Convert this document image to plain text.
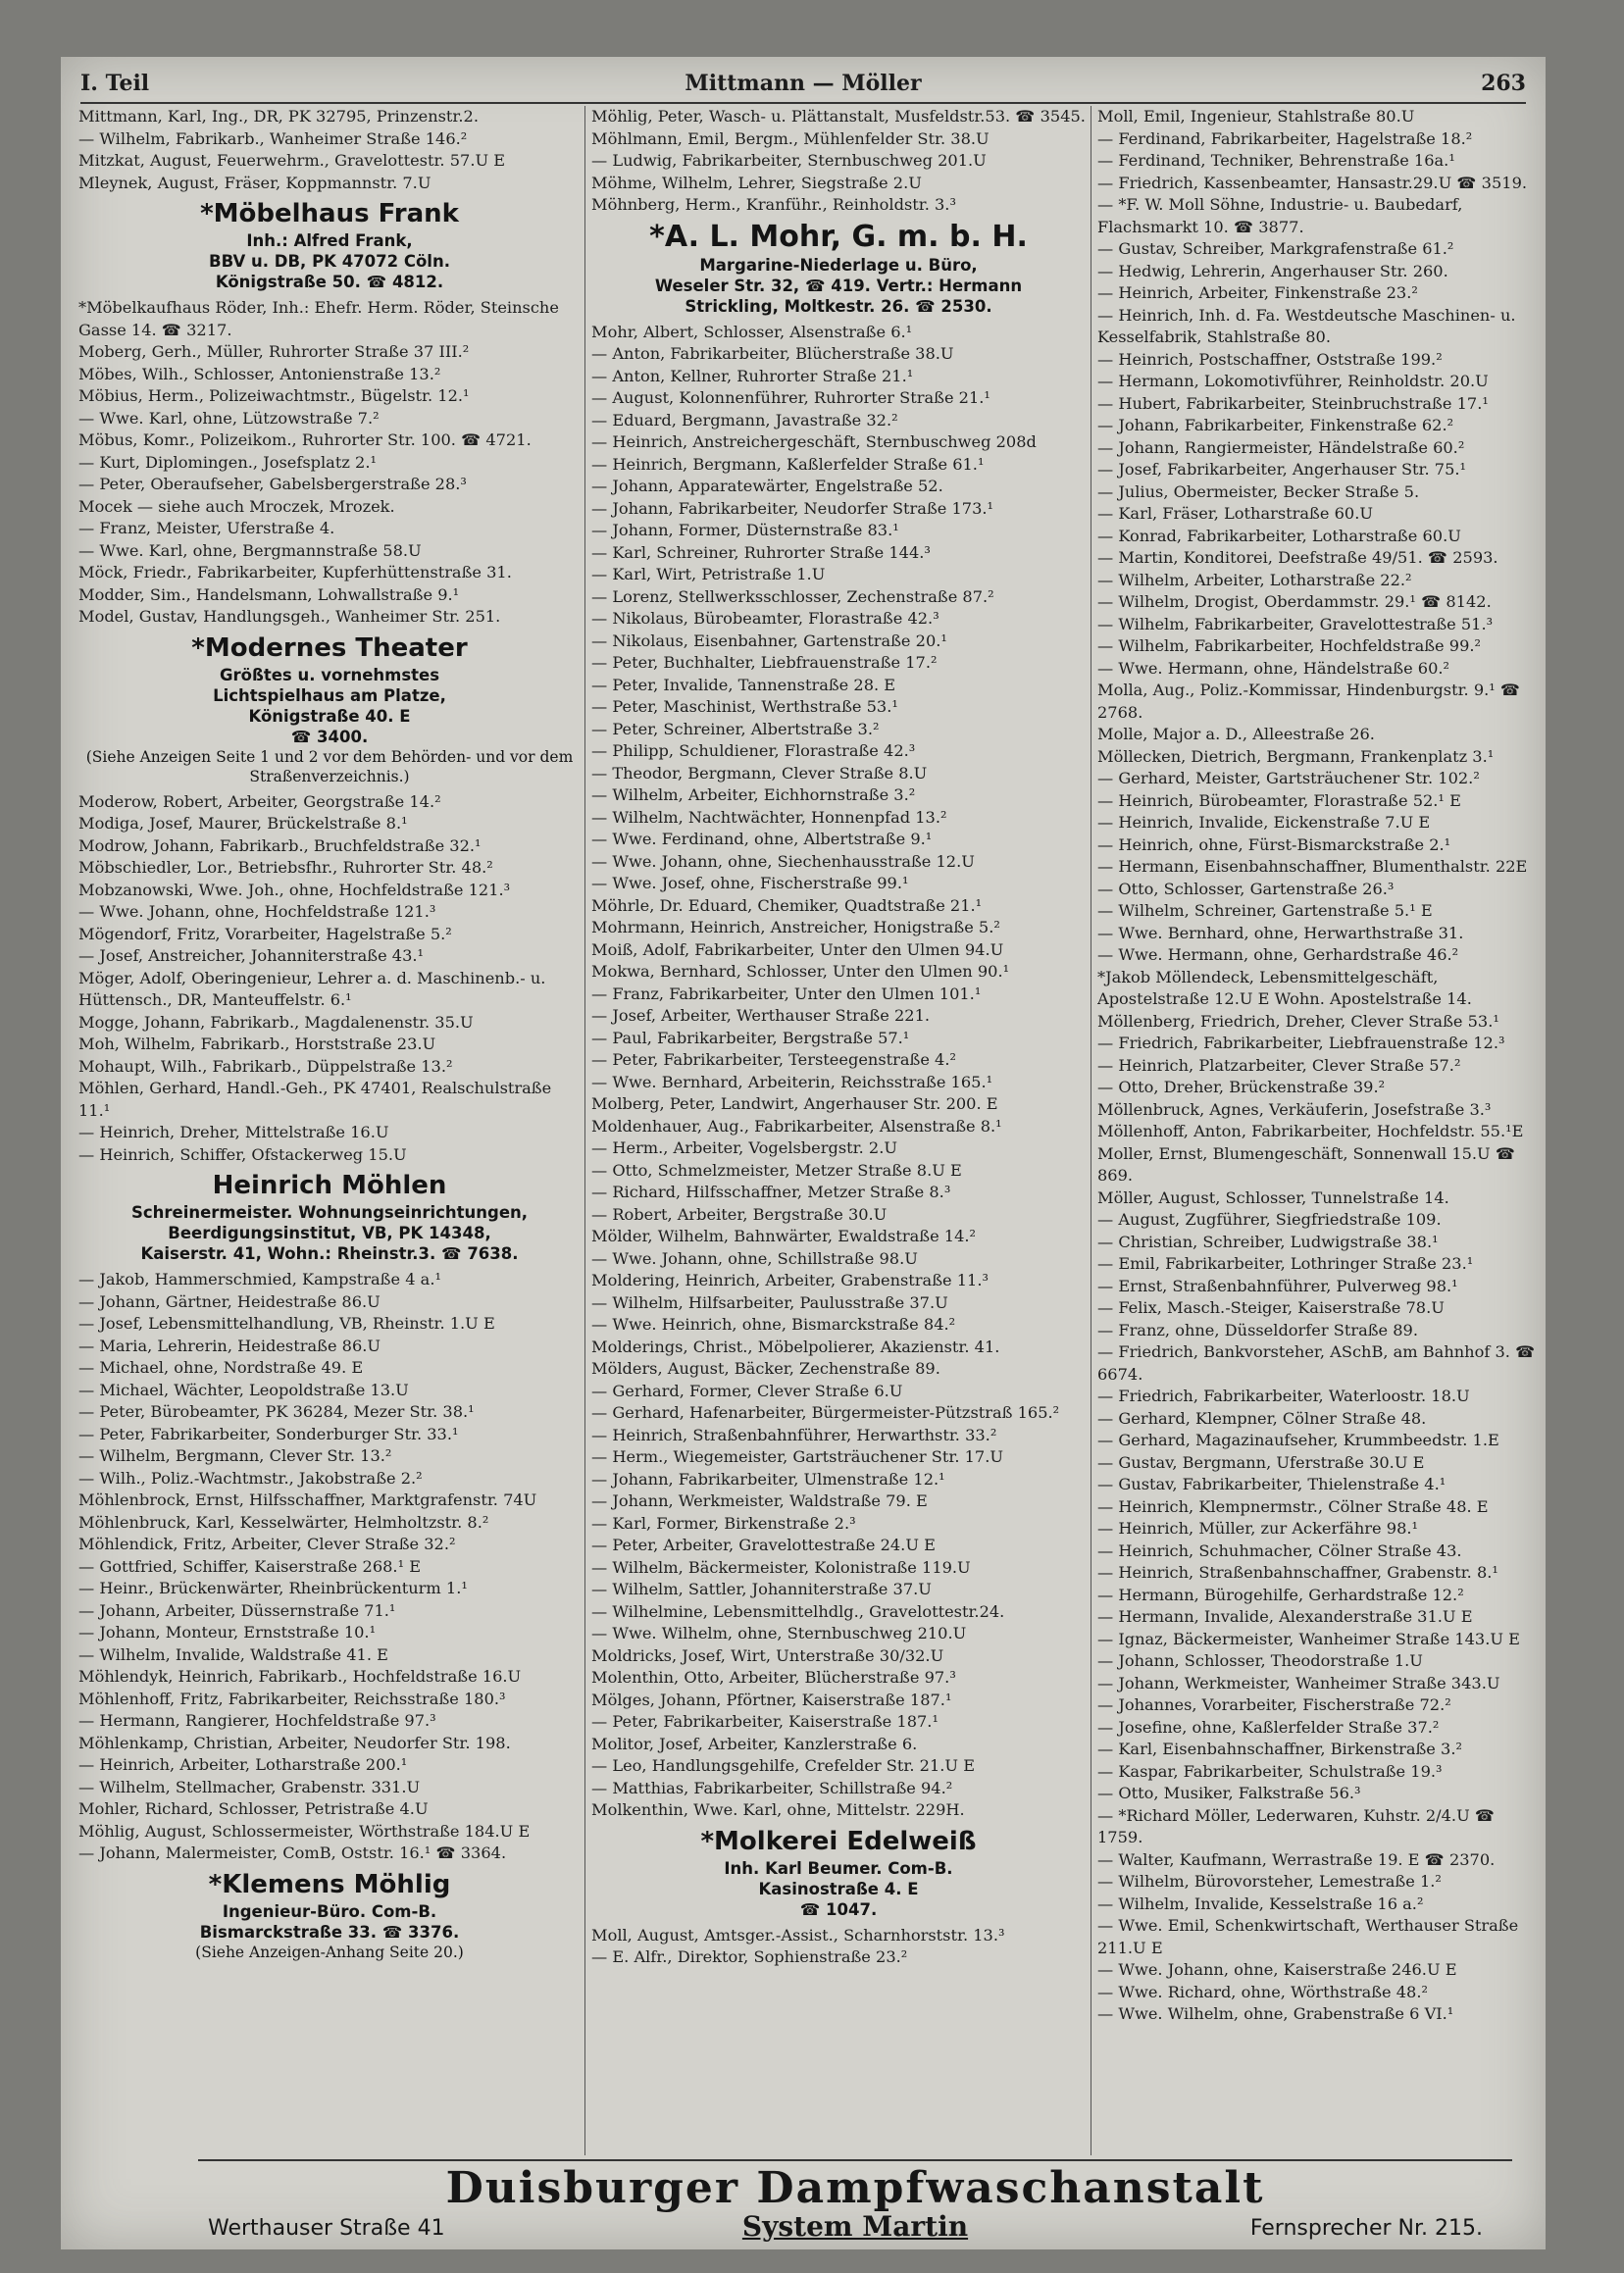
I. Teil	Mittmann — Möller	263
Mittmann, Karl, Ing., DR, PK 32795, Prinzenstr.2.
— Wilhelm, Fabrikarb., Wanheimer Straße 146.²
Mitzkat, August, Feuerwehrm., Gravelottestr. 57.U E
Mleynek, August, Fräser, Koppmannstr. 7.U
*Möbelhaus Frank
Inh.: Alfred Frank,
BBV u. DB, PK 47072 Cöln.
Königstraße 50. ☎ 4812.
*Möbelkaufhaus Röder, Inh.: Ehefr. Herm. Röder, Steinsche Gasse 14. ☎ 3217.
Moberg, Gerh., Müller, Ruhrorter Straße 37 III.²
Möbes, Wilh., Schlosser, Antonienstraße 13.²
Möbius, Herm., Polizeiwachtmstr., Bügelstr. 12.¹
— Wwe. Karl, ohne, Lützowstraße 7.²
Möbus, Komr., Polizeikom., Ruhrorter Str. 100. ☎ 4721.
— Kurt, Diplomingen., Josefsplatz 2.¹
— Peter, Oberaufseher, Gabelsbergerstraße 28.³
Mocek — siehe auch Mroczek, Mrozek.
— Franz, Meister, Uferstraße 4.
— Wwe. Karl, ohne, Bergmannstraße 58.U
Möck, Friedr., Fabrikarbeiter, Kupferhüttenstraße 31.
Modder, Sim., Handelsmann, Lohwallstraße 9.¹
Model, Gustav, Handlungsgeh., Wanheimer Str. 251.
*Modernes Theater
Größtes u. vornehmstes
Lichtspielhaus am Platze,
Königstraße 40. E
☎ 3400.
(Siehe Anzeigen Seite 1 und 2 vor dem Behörden- und vor dem Straßenverzeichnis.)
Moderow, Robert, Arbeiter, Georgstraße 14.²
Modiga, Josef, Maurer, Brückelstraße 8.¹
Modrow, Johann, Fabrikarb., Bruchfeldstraße 32.¹
Möbschiedler, Lor., Betriebsfhr., Ruhrorter Str. 48.²
Mobzanowski, Wwe. Joh., ohne, Hochfeldstraße 121.³
— Wwe. Johann, ohne, Hochfeldstraße 121.³
Mögendorf, Fritz, Vorarbeiter, Hagelstraße 5.²
— Josef, Anstreicher, Johanniterstraße 43.¹
Möger, Adolf, Oberingenieur, Lehrer a. d. Maschinenb.- u. Hüttensch., DR, Manteuffelstr. 6.¹
Mogge, Johann, Fabrikarb., Magdalenenstr. 35.U
Moh, Wilhelm, Fabrikarb., Horststraße 23.U
Mohaupt, Wilh., Fabrikarb., Düppelstraße 13.²
Möhlen, Gerhard, Handl.-Geh., PK 47401, Realschulstraße 11.¹
— Heinrich, Dreher, Mittelstraße 16.U
— Heinrich, Schiffer, Ofstackerweg 15.U
Heinrich Möhlen
Schreinermeister. Wohnungseinrichtungen,
Beerdigungsinstitut, VB, PK 14348,
Kaiserstr. 41, Wohn.: Rheinstr.3. ☎ 7638.
— Jakob, Hammerschmied, Kampstraße 4 a.¹
— Johann, Gärtner, Heidestraße 86.U
— Josef, Lebensmittelhandlung, VB, Rheinstr. 1.U E
— Maria, Lehrerin, Heidestraße 86.U
— Michael, ohne, Nordstraße 49. E
— Michael, Wächter, Leopoldstraße 13.U
— Peter, Bürobeamter, PK 36284, Mezer Str. 38.¹
— Peter, Fabrikarbeiter, Sonderburger Str. 33.¹
— Wilhelm, Bergmann, Clever Str. 13.²
— Wilh., Poliz.-Wachtmstr., Jakobstraße 2.²
Möhlenbrock, Ernst, Hilfsschaffner, Marktgrafenstr. 74U
Möhlenbruck, Karl, Kesselwärter, Helmholtzstr. 8.²
Möhlendick, Fritz, Arbeiter, Clever Straße 32.²
— Gottfried, Schiffer, Kaiserstraße 268.¹ E
— Heinr., Brückenwärter, Rheinbrückenturm 1.¹
— Johann, Arbeiter, Düssernstraße 71.¹
— Johann, Monteur, Ernststraße 10.¹
— Wilhelm, Invalide, Waldstraße 41. E
Möhlendyk, Heinrich, Fabrikarb., Hochfeldstraße 16.U
Möhlenhoff, Fritz, Fabrikarbeiter, Reichsstraße 180.³
— Hermann, Rangierer, Hochfeldstraße 97.³
Möhlenkamp, Christian, Arbeiter, Neudorfer Str. 198.
— Heinrich, Arbeiter, Lotharstraße 200.¹
— Wilhelm, Stellmacher, Grabenstr. 331.U
Mohler, Richard, Schlosser, Petristraße 4.U
Möhlig, August, Schlossermeister, Wörthstraße 184.U E
— Johann, Malermeister, ComB, Oststr. 16.¹ ☎ 3364.
*Klemens Möhlig
Ingenieur-Büro. Com-B.
Bismarckstraße 33. ☎ 3376.
(Siehe Anzeigen-Anhang Seite 20.)
Möhlig, Peter, Wasch- u. Plättanstalt, Musfeldstr.53. ☎ 3545.
Möhlmann, Emil, Bergm., Mühlenfelder Str. 38.U
— Ludwig, Fabrikarbeiter, Sternbuschweg 201.U
Möhme, Wilhelm, Lehrer, Siegstraße 2.U
Möhnberg, Herm., Kranführ., Reinholdstr. 3.³
*A. L. Mohr, G. m. b. H.
Margarine-Niederlage u. Büro,
Weseler Str. 32, ☎ 419. Vertr.: Hermann
Strickling, Moltkestr. 26. ☎ 2530.
Mohr, Albert, Schlosser, Alsenstraße 6.¹
— Anton, Fabrikarbeiter, Blücherstraße 38.U
— Anton, Kellner, Ruhrorter Straße 21.¹
— August, Kolonnenführer, Ruhrorter Straße 21.¹
— Eduard, Bergmann, Javastraße 32.²
— Heinrich, Anstreichergeschäft, Sternbuschweg 208d
— Heinrich, Bergmann, Kaßlerfelder Straße 61.¹
— Johann, Apparatewärter, Engelstraße 52.
— Johann, Fabrikarbeiter, Neudorfer Straße 173.¹
— Johann, Former, Düsternstraße 83.¹
— Karl, Schreiner, Ruhrorter Straße 144.³
— Karl, Wirt, Petristraße 1.U
— Lorenz, Stellwerksschlosser, Zechenstraße 87.²
— Nikolaus, Bürobeamter, Florastraße 42.³
— Nikolaus, Eisenbahner, Gartenstraße 20.¹
— Peter, Buchhalter, Liebfrauenstraße 17.²
— Peter, Invalide, Tannenstraße 28. E
— Peter, Maschinist, Werthstraße 53.¹
— Peter, Schreiner, Albertstraße 3.²
— Philipp, Schuldiener, Florastraße 42.³
— Theodor, Bergmann, Clever Straße 8.U
— Wilhelm, Arbeiter, Eichhornstraße 3.²
— Wilhelm, Nachtwächter, Honnenpfad 13.²
— Wwe. Ferdinand, ohne, Albertstraße 9.¹
— Wwe. Johann, ohne, Siechenhausstraße 12.U
— Wwe. Josef, ohne, Fischerstraße 99.¹
Möhrle, Dr. Eduard, Chemiker, Quadtstraße 21.¹
Mohrmann, Heinrich, Anstreicher, Honigstraße 5.²
Moiß, Adolf, Fabrikarbeiter, Unter den Ulmen 94.U
Mokwa, Bernhard, Schlosser, Unter den Ulmen 90.¹
— Franz, Fabrikarbeiter, Unter den Ulmen 101.¹
— Josef, Arbeiter, Werthauser Straße 221.
— Paul, Fabrikarbeiter, Bergstraße 57.¹
— Peter, Fabrikarbeiter, Tersteegenstraße 4.²
— Wwe. Bernhard, Arbeiterin, Reichsstraße 165.¹
Molberg, Peter, Landwirt, Angerhauser Str. 200. E
Moldenhauer, Aug., Fabrikarbeiter, Alsenstraße 8.¹
— Herm., Arbeiter, Vogelsbergstr. 2.U
— Otto, Schmelzmeister, Metzer Straße 8.U E
— Richard, Hilfsschaffner, Metzer Straße 8.³
— Robert, Arbeiter, Bergstraße 30.U
Mölder, Wilhelm, Bahnwärter, Ewaldstraße 14.²
— Wwe. Johann, ohne, Schillstraße 98.U
Moldering, Heinrich, Arbeiter, Grabenstraße 11.³
— Wilhelm, Hilfsarbeiter, Paulusstraße 37.U
— Wwe. Heinrich, ohne, Bismarckstraße 84.²
Molderings, Christ., Möbelpolierer, Akazienstr. 41.
Mölders, August, Bäcker, Zechenstraße 89.
— Gerhard, Former, Clever Straße 6.U
— Gerhard, Hafenarbeiter, Bürgermeister-Pützstraß 165.²
— Heinrich, Straßenbahnführer, Herwarthstr. 33.²
— Herm., Wiegemeister, Gartsträuchener Str. 17.U
— Johann, Fabrikarbeiter, Ulmenstraße 12.¹
— Johann, Werkmeister, Waldstraße 79. E
— Karl, Former, Birkenstraße 2.³
— Peter, Arbeiter, Gravelottestraße 24.U E
— Wilhelm, Bäckermeister, Kolonistraße 119.U
— Wilhelm, Sattler, Johanniterstraße 37.U
— Wilhelmine, Lebensmittelhdlg., Gravelottestr.24.
— Wwe. Wilhelm, ohne, Sternbuschweg 210.U
Moldricks, Josef, Wirt, Unterstraße 30/32.U
Molenthin, Otto, Arbeiter, Blücherstraße 97.³
Mölges, Johann, Pförtner, Kaiserstraße 187.¹
— Peter, Fabrikarbeiter, Kaiserstraße 187.¹
Molitor, Josef, Arbeiter, Kanzlerstraße 6.
— Leo, Handlungsgehilfe, Crefelder Str. 21.U E
— Matthias, Fabrikarbeiter, Schillstraße 94.²
Molkenthin, Wwe. Karl, ohne, Mittelstr. 229H.
*Molkerei Edelweiß
Inh. Karl Beumer. Com-B.
Kasinostraße 4. E
☎ 1047.
Moll, August, Amtsger.-Assist., Scharnhorststr. 13.³
— E. Alfr., Direktor, Sophienstraße 23.²
Moll, Emil, Ingenieur, Stahlstraße 80.U
— Ferdinand, Fabrikarbeiter, Hagelstraße 18.²
— Ferdinand, Techniker, Behrenstraße 16a.¹
— Friedrich, Kassenbeamter, Hansastr.29.U ☎ 3519.
— *F. W. Moll Söhne, Industrie- u. Baubedarf, Flachsmarkt 10. ☎ 3877.
— Gustav, Schreiber, Markgrafenstraße 61.²
— Hedwig, Lehrerin, Angerhauser Str. 260.
— Heinrich, Arbeiter, Finkenstraße 23.²
— Heinrich, Inh. d. Fa. Westdeutsche Maschinen- u. Kesselfabrik, Stahlstraße 80.
— Heinrich, Postschaffner, Oststraße 199.²
— Hermann, Lokomotivführer, Reinholdstr. 20.U
— Hubert, Fabrikarbeiter, Steinbruchstraße 17.¹
— Johann, Fabrikarbeiter, Finkenstraße 62.²
— Johann, Rangiermeister, Händelstraße 60.²
— Josef, Fabrikarbeiter, Angerhauser Str. 75.¹
— Julius, Obermeister, Becker Straße 5.
— Karl, Fräser, Lotharstraße 60.U
— Konrad, Fabrikarbeiter, Lotharstraße 60.U
— Martin, Konditorei, Deefstraße 49/51. ☎ 2593.
— Wilhelm, Arbeiter, Lotharstraße 22.²
— Wilhelm, Drogist, Oberdammstr. 29.¹ ☎ 8142.
— Wilhelm, Fabrikarbeiter, Gravelottestraße 51.³
— Wilhelm, Fabrikarbeiter, Hochfeldstraße 99.²
— Wwe. Hermann, ohne, Händelstraße 60.²
Molla, Aug., Poliz.-Kommissar, Hindenburgstr. 9.¹ ☎ 2768.
Molle, Major a. D., Alleestraße 26.
Möllecken, Dietrich, Bergmann, Frankenplatz 3.¹
— Gerhard, Meister, Gartsträuchener Str. 102.²
— Heinrich, Bürobeamter, Florastraße 52.¹ E
— Heinrich, Invalide, Eickenstraße 7.U E
— Heinrich, ohne, Fürst-Bismarckstraße 2.¹
— Hermann, Eisenbahnschaffner, Blumenthalstr. 22E
— Otto, Schlosser, Gartenstraße 26.³
— Wilhelm, Schreiner, Gartenstraße 5.¹ E
— Wwe. Bernhard, ohne, Herwarthstraße 31.
— Wwe. Hermann, ohne, Gerhardstraße 46.²
*Jakob Möllendeck, Lebensmittelgeschäft, Apostelstraße 12.U E Wohn. Apostelstraße 14.
Möllenberg, Friedrich, Dreher, Clever Straße 53.¹
— Friedrich, Fabrikarbeiter, Liebfrauenstraße 12.³
— Heinrich, Platzarbeiter, Clever Straße 57.²
— Otto, Dreher, Brückenstraße 39.²
Möllenbruck, Agnes, Verkäuferin, Josefstraße 3.³
Möllenhoff, Anton, Fabrikarbeiter, Hochfeldstr. 55.¹E
Moller, Ernst, Blumengeschäft, Sonnenwall 15.U ☎ 869.
Möller, August, Schlosser, Tunnelstraße 14.
— August, Zugführer, Siegfriedstraße 109.
— Christian, Schreiber, Ludwigstraße 38.¹
— Emil, Fabrikarbeiter, Lothringer Straße 23.¹
— Ernst, Straßenbahnführer, Pulverweg 98.¹
— Felix, Masch.-Steiger, Kaiserstraße 78.U
— Franz, ohne, Düsseldorfer Straße 89.
— Friedrich, Bankvorsteher, ASchB, am Bahnhof 3. ☎ 6674.
— Friedrich, Fabrikarbeiter, Waterloostr. 18.U
— Gerhard, Klempner, Cölner Straße 48.
— Gerhard, Magazinaufseher, Krummbeedstr. 1.E
— Gustav, Bergmann, Uferstraße 30.U E
— Gustav, Fabrikarbeiter, Thielenstraße 4.¹
— Heinrich, Klempnermstr., Cölner Straße 48. E
— Heinrich, Müller, zur Ackerfähre 98.¹
— Heinrich, Schuhmacher, Cölner Straße 43.
— Heinrich, Straßenbahnschaffner, Grabenstr. 8.¹
— Hermann, Bürogehilfe, Gerhardstraße 12.²
— Hermann, Invalide, Alexanderstraße 31.U E
— Ignaz, Bäckermeister, Wanheimer Straße 143.U E
— Johann, Schlosser, Theodorstraße 1.U
— Johann, Werkmeister, Wanheimer Straße 343.U
— Johannes, Vorarbeiter, Fischerstraße 72.²
— Josefine, ohne, Kaßlerfelder Straße 37.²
— Karl, Eisenbahnschaffner, Birkenstraße 3.²
— Kaspar, Fabrikarbeiter, Schulstraße 19.³
— Otto, Musiker, Falkstraße 56.³
— *Richard Möller, Lederwaren, Kuhstr. 2/4.U ☎ 1759.
— Walter, Kaufmann, Werrastraße 19. E ☎ 2370.
— Wilhelm, Bürovorsteher, Lemestraße 1.²
— Wilhelm, Invalide, Kesselstraße 16 a.²
— Wwe. Emil, Schenkwirtschaft, Werthauser Straße 211.U E
— Wwe. Johann, ohne, Kaiserstraße 246.U E
— Wwe. Richard, ohne, Wörthstraße 48.²
— Wwe. Wilhelm, ohne, Grabenstraße 6 VI.¹
Duisburger Dampfwaschanstalt
Werthauser Straße 41	System Martin	Fernsprecher Nr. 215.
